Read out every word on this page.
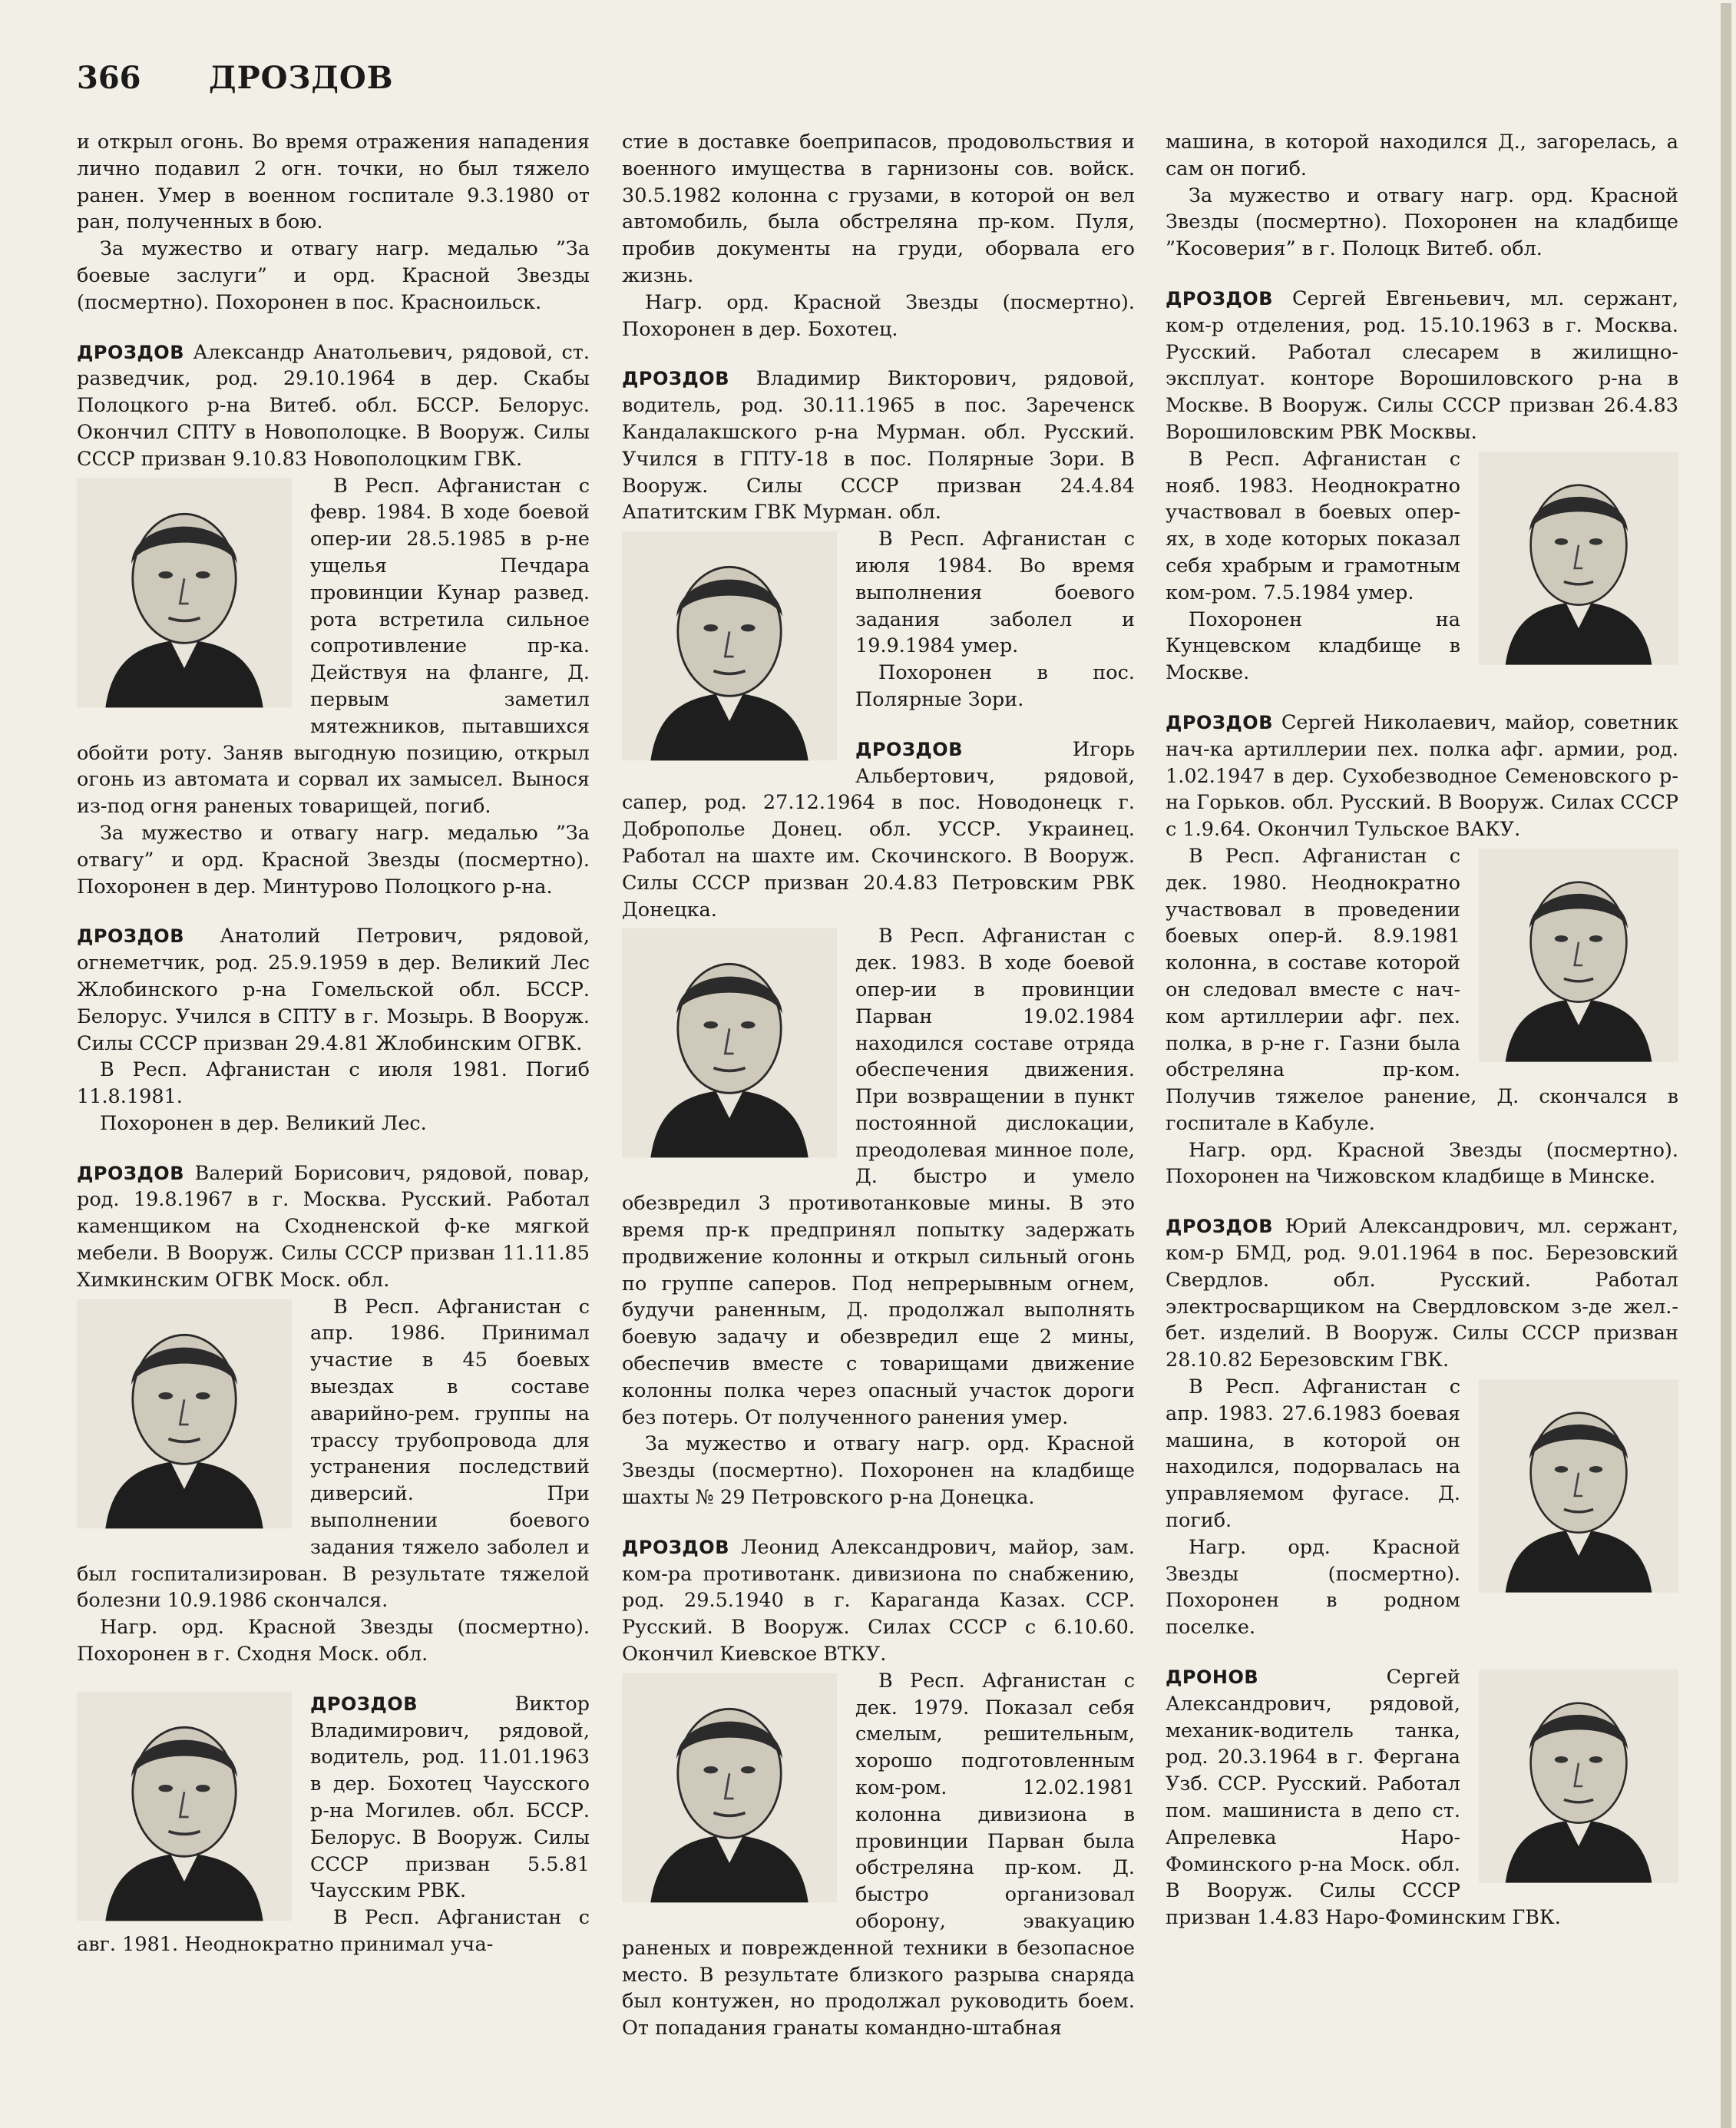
366 ДРОЗДОВ

и открыл огонь. Во время отражения нападения лично подавил 2 огн. точки, но был тяжело ранен. Умер в военном госпитале 9.3.1980 от ран, полученных в бою.

За мужество и отвагу нагр. медалью ”За боевые заслуги” и орд. Красной Звезды (посмертно). Похоронен в пос. Красноильск.

ДРОЗДОВ Александр Анатольевич, рядовой, ст. разведчик, род. 29.10.1964 в дер. Скабы Полоцкого р-на Витеб. обл. БССР. Белорус. Окончил СПТУ в Новополоцке. В Вооруж. Силы СССР призван 9.10.83 Новополоцким ГВК.

В Респ. Афганистан с февр. 1984. В ходе боевой опер-ии 28.5.1985 в р-не ущелья Печдара провинции Кунар развед. рота встретила сильное сопротивление пр-ка. Действуя на фланге, Д. первым заметил мятежников, пытавшихся обойти роту. Заняв выгодную позицию, открыл огонь из автомата и сорвал их замысел. Вынося из-под огня раненых товарищей, погиб.

За мужество и отвагу нагр. медалью ”За отвагу” и орд. Красной Звезды (посмертно). Похоронен в дер. Минтурово Полоцкого р-на.

ДРОЗДОВ Анатолий Петрович, рядовой, огнеметчик, род. 25.9.1959 в дер. Великий Лес Жлобинского р-на Гомельской обл. БССР. Белорус. Учился в СПТУ в г. Мозырь. В Вооруж. Силы СССР призван 29.4.81 Жлобинским ОГВК.

В Респ. Афганистан с июля 1981. Погиб 11.8.1981.

Похоронен в дер. Великий Лес.

ДРОЗДОВ Валерий Борисович, рядовой, повар, род. 19.8.1967 в г. Москва. Русский. Работал каменщиком на Сходненской ф-ке мягкой мебели. В Вооруж. Силы СССР призван 11.11.85 Химкинским ОГВК Моск. обл.

В Респ. Афганистан с апр. 1986. Принимал участие в 45 боевых выездах в составе аварийно-рем. группы на трассу трубопровода для устранения последствий диверсий. При выполнении боевого задания тяжело заболел и был госпитализирован. В результате тяжелой болезни 10.9.1986 скончался.

Нагр. орд. Красной Звезды (посмертно). Похоронен в г. Сходня Моск. обл.

ДРОЗДОВ Виктор Владимирович, рядовой, водитель, род. 11.01.1963 в дер. Бохотец Чаусского р-на Могилев. обл. БССР. Белорус. В Вооруж. Силы СССР призван 5.5.81 Чаусским РВК.

В Респ. Афганистан с авг. 1981. Неоднократно принимал уча-

стие в доставке боеприпасов, продовольствия и военного имущества в гарнизоны сов. войск. 30.5.1982 колонна с грузами, в которой он вел автомобиль, была обстреляна пр-ком. Пуля, пробив документы на груди, оборвала его жизнь.

Нагр. орд. Красной Звезды (посмертно). Похоронен в дер. Бохотец.

ДРОЗДОВ Владимир Викторович, рядовой, водитель, род. 30.11.1965 в пос. Зареченск Кандалакшского р-на Мурман. обл. Русский. Учился в ГПТУ-18 в пос. Полярные Зори. В Вооруж. Силы СССР призван 24.4.84 Апатитским ГВК Мурман. обл.

В Респ. Афганистан с июля 1984. Во время выполнения боевого задания заболел и 19.9.1984 умер.

Похоронен в пос. Полярные Зори.

ДРОЗДОВ Игорь Альбертович, рядовой, сапер, род. 27.12.1964 в пос. Новодонецк г. Доброполье Донец. обл. УССР. Украинец. Работал на шахте им. Скочинского. В Вооруж. Силы СССР призван 20.4.83 Петровским РВК Донецка.

В Респ. Афганистан с дек. 1983. В ходе боевой опер-ии в провинции Парван 19.02.1984 находился составе отряда обеспечения движения. При возвращении в пункт постоянной дислокации, преодолевая минное поле, Д. быстро и умело обезвредил 3 противотанковые мины. В это время пр-к предпринял попытку задержать продвижение колонны и открыл сильный огонь по группе саперов. Под непрерывным огнем, будучи раненным, Д. продолжал выполнять боевую задачу и обезвредил еще 2 мины, обеспечив вместе с товарищами движение колонны полка через опасный участок дороги без потерь. От полученного ранения умер.

За мужество и отвагу нагр. орд. Красной Звезды (посмертно). Похоронен на кладбище шахты № 29 Петровского р-на Донецка.

ДРОЗДОВ Леонид Александрович, майор, зам. ком-ра противотанк. дивизиона по снабжению, род. 29.5.1940 в г. Караганда Казах. ССР. Русский. В Вооруж. Силах СССР с 6.10.60. Окончил Киевское ВТКУ.

В Респ. Афганистан с дек. 1979. Показал себя смелым, решительным, хорошо подготовленным ком-ром. 12.02.1981 колонна дивизиона в провинции Парван была обстреляна пр-ком. Д. быстро организовал оборону, эвакуацию раненых и поврежденной техники в безопасное место. В результате близкого разрыва снаряда был контужен, но продолжал руководить боем. От попадания гранаты командно-штабная

машина, в которой находился Д., загорелась, а сам он погиб.

За мужество и отвагу нагр. орд. Красной Звезды (посмертно). Похоронен на кладбище ”Косоверия” в г. Полоцк Витеб. обл.

ДРОЗДОВ Сергей Евгеньевич, мл. сержант, ком-р отделения, род. 15.10.1963 в г. Москва. Русский. Работал слесарем в жилищно-эксплуат. конторе Ворошиловского р-на в Москве. В Вооруж. Силы СССР призван 26.4.83 Ворошиловским РВК Москвы.

В Респ. Афганистан с нояб. 1983. Неоднократно участвовал в боевых опер-ях, в ходе которых показал себя храбрым и грамотным ком-ром. 7.5.1984 умер.

Похоронен на Кунцевском кладбище в Москве.

ДРОЗДОВ Сергей Николаевич, майор, советник нач-ка артиллерии пех. полка афг. армии, род. 1.02.1947 в дер. Сухобезводное Семеновского р-на Горьков. обл. Русский. В Вооруж. Силах СССР с 1.9.64. Окончил Тульское ВАКУ.

В Респ. Афганистан с дек. 1980. Неоднократно участвовал в проведении боевых опер-й. 8.9.1981 колонна, в составе которой он следовал вместе с нач-ком артиллерии афг. пех. полка, в р-не г. Газни была обстреляна пр-ком. Получив тяжелое ранение, Д. скончался в госпитале в Кабуле.

Нагр. орд. Красной Звезды (посмертно). Похоронен на Чижовском кладбище в Минске.

ДРОЗДОВ Юрий Александрович, мл. сержант, ком-р БМД, род. 9.01.1964 в пос. Березовский Свердлов. обл. Русский. Работал электросварщиком на Свердловском з-де жел.-бет. изделий. В Вооруж. Силы СССР призван 28.10.82 Березовским ГВК.

В Респ. Афганистан с апр. 1983. 27.6.1983 боевая машина, в которой он находился, подорвалась на управляемом фугасе. Д. погиб.

Нагр. орд. Красной Звезды (посмертно). Похоронен в родном поселке.

ДРОНОВ Сергей Александрович, рядовой, механик-водитель танка, род. 20.3.1964 в г. Фергана Узб. ССР. Русский. Работал пом. машиниста в депо ст. Апрелевка Наро-Фоминского р-на Моск. обл. В Вооруж. Силы СССР призван 1.4.83 Наро-Фоминским ГВК.
